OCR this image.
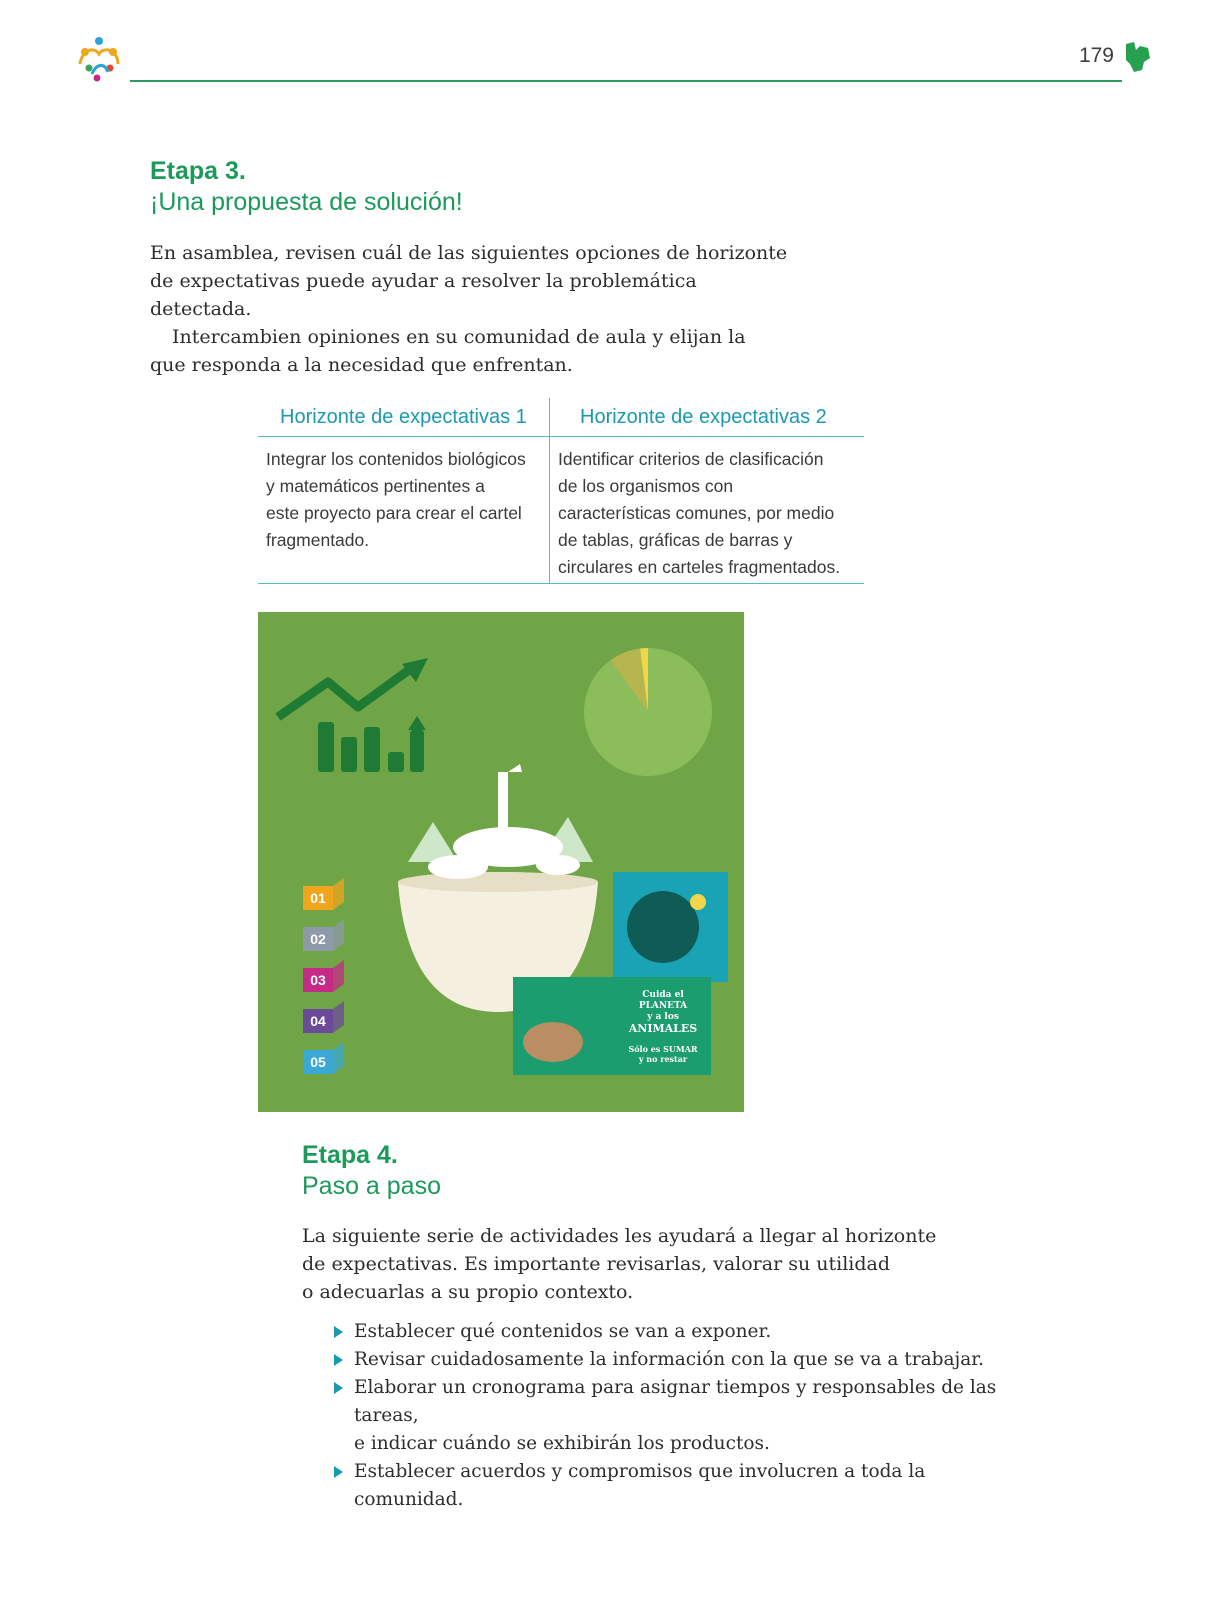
179
Etapa 3.
¡Una propuesta de solución!

En asamblea, revisen cuál de las siguientes opciones de horizonte
de expectativas puede ayudar a resolver la problemática
detectada.

Intercambien opiniones en su comunidad de aula y elijan la

que responda a la necesidad que enfrentan.

Horizonte de expectativas 1	Horizonte de expectativas 2
Integrar los contenidos biológicos
y matemáticos pertinentes a
este proyecto para crear el cartel
fragmentado.
Identificar criterios de clasificación
de los organismos con
características comunes, por medio
de tablas, gráficas de barras y
circulares en carteles fragmentados.
01
02
03
04
05
Cuida el
PLANETA
y a los
ANIMALES
Sólo es SUMAR
y no restar
Etapa 4.
Paso a paso

La siguiente serie de actividades les ayudará a llegar al horizonte
de expectativas. Es importante revisarlas, valorar su utilidad
o adecuarlas a su propio contexto.

Establecer qué contenidos se van a exponer.
Revisar cuidadosamente la información con la que se va a trabajar.
Elaborar un cronograma para asignar tiempos y responsables de las tareas,
e indicar cuándo se exhibirán los productos.
Establecer acuerdos y compromisos que involucren a toda la comunidad.
